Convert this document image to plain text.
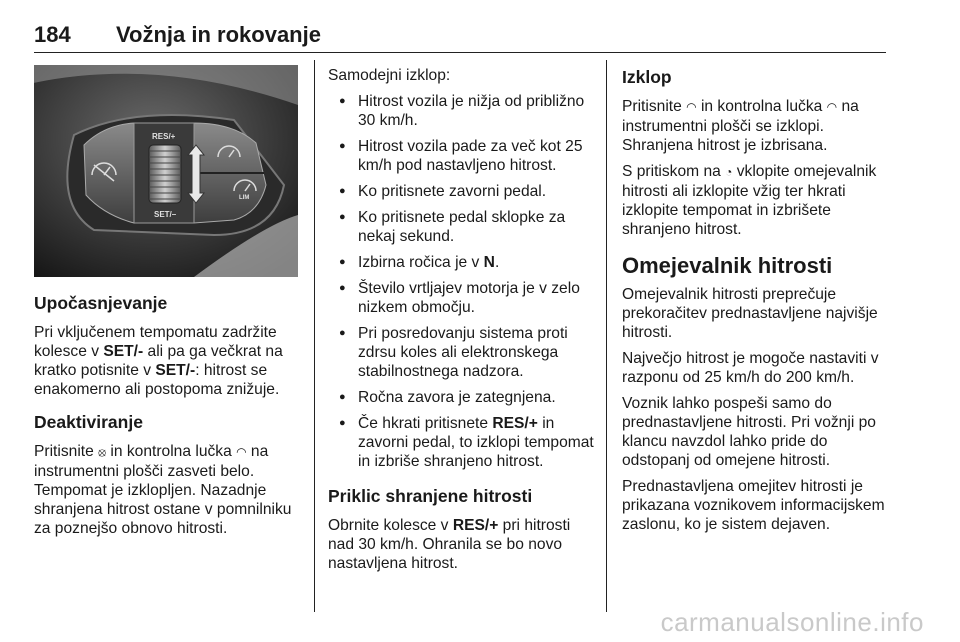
184 Vožnja in rokovanje
RES/+
SET/–
LIM
Upočasnjevanje

Pri vključenem tempomatu zadržite kolesce v SET/- ali pa ga večkrat na kratko potisnite v SET/-: hitrost se enakomerno ali postopoma znižuje.

Deaktiviranje

Pritisnite ⦻ in kontrolna lučka ◠ na instrumentni plošči zasveti belo. Tempomat je izklopljen. Nazadnje shranjena hitrost ostane v pomnilniku za poznejšo obnovo hitrosti.

Samodejni izklop:

● Hitrost vozila je nižja od približno 30 km/h.
● Hitrost vozila pade za več kot 25 km/h pod nastavljeno hitrost.
● Ko pritisnete zavorni pedal.
● Ko pritisnete pedal sklopke za nekaj sekund.
● Izbirna ročica je v N.
● Število vrtljajev motorja je v zelo nizkem območju.
● Pri posredovanju sistema proti zdrsu koles ali elektronskega stabilnostnega nadzora.
● Ročna zavora je zategnjena.
● Če hkrati pritisnete RES/+ in zavorni pedal, to izklopi tempomat in izbriše shranjeno hitrost.
Priklic shranjene hitrosti

Obrnite kolesce v RES/+ pri hitrosti nad 30 km/h. Ohranila se bo novo nastavljena hitrost.

Izklop

Pritisnite ◠ in kontrolna lučka ◠ na instrumentni plošči se izklopi. Shranjena hitrost je izbrisana.

S pritiskom na ◔ vklopite omejevalnik hitrosti ali izklopite vžig ter hkrati izklopite tempomat in izbrišete shranjeno hitrost.

Omejevalnik hitrosti

Omejevalnik hitrosti preprečuje prekoračitev prednastavljene najvišje hitrosti.

Največjo hitrost je mogoče nastaviti v razponu od 25 km/h do 200 km/h.

Voznik lahko pospeši samo do prednastavljene hitrosti. Pri vožnji po klancu navzdol lahko pride do odstopanj od omejene hitrosti.

Prednastavljena omejitev hitrosti je prikazana voznikovem informacijskem zaslonu, ko je sistem dejaven.

carmanualsonline.info
